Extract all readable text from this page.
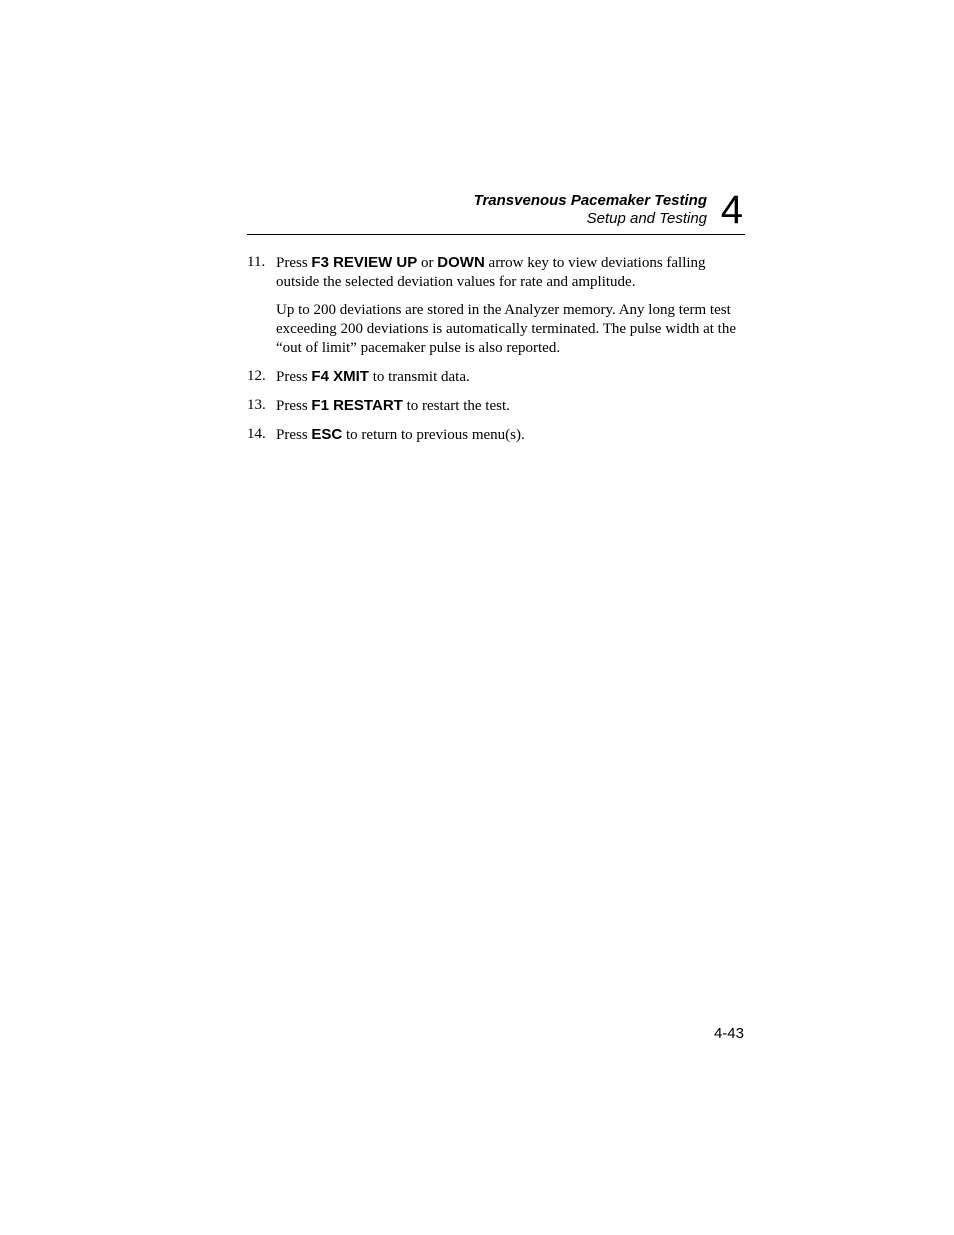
Transvenous Pacemaker Testing
Setup and Testing 4
11. Press F3 REVIEW UP or DOWN arrow key to view deviations falling outside the selected deviation values for rate and amplitude.

Up to 200 deviations are stored in the Analyzer memory. Any long term test exceeding 200 deviations is automatically terminated. The pulse width at the “out of limit” pacemaker pulse is also reported.

12. Press F4 XMIT to transmit data.

13. Press F1 RESTART to restart the test.

14. Press ESC to return to previous menu(s).

4-43
